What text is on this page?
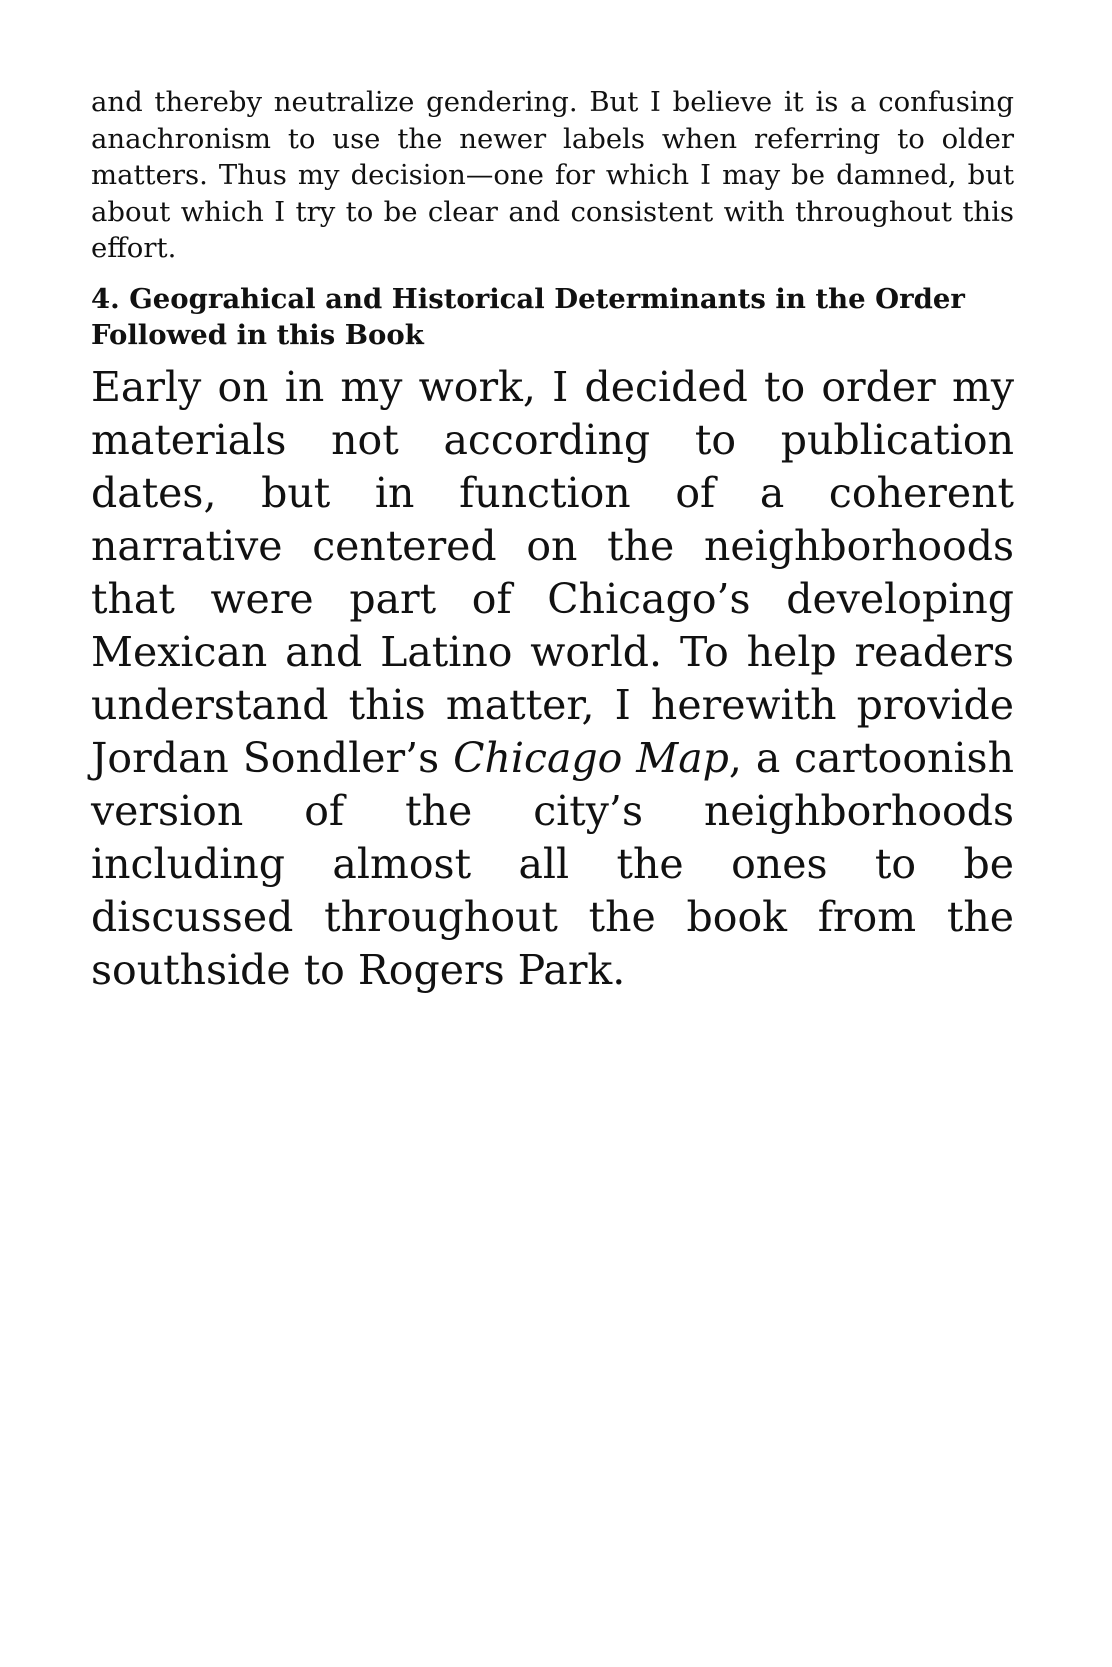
and thereby neutralize gendering. But I believe it is a confusing anachronism to use the newer labels when referring to older matters. Thus my decision—one for which I may be damned, but about which I try to be clear and consistent with throughout this effort.

4. Geograhical and Historical Determinants in the Order Followed in this Book

Early on in my work, I decided to order my materials not according to publication dates, but in function of a coherent narrative centered on the neighborhoods that were part of Chicago’s developing Mexican and Latino world. To help readers understand this matter, I herewith provide Jordan Sondler’s Chicago Map, a cartoonish version of the city’s neighborhoods including almost all the ones to be discussed throughout the book from the southside to Rogers Park.
